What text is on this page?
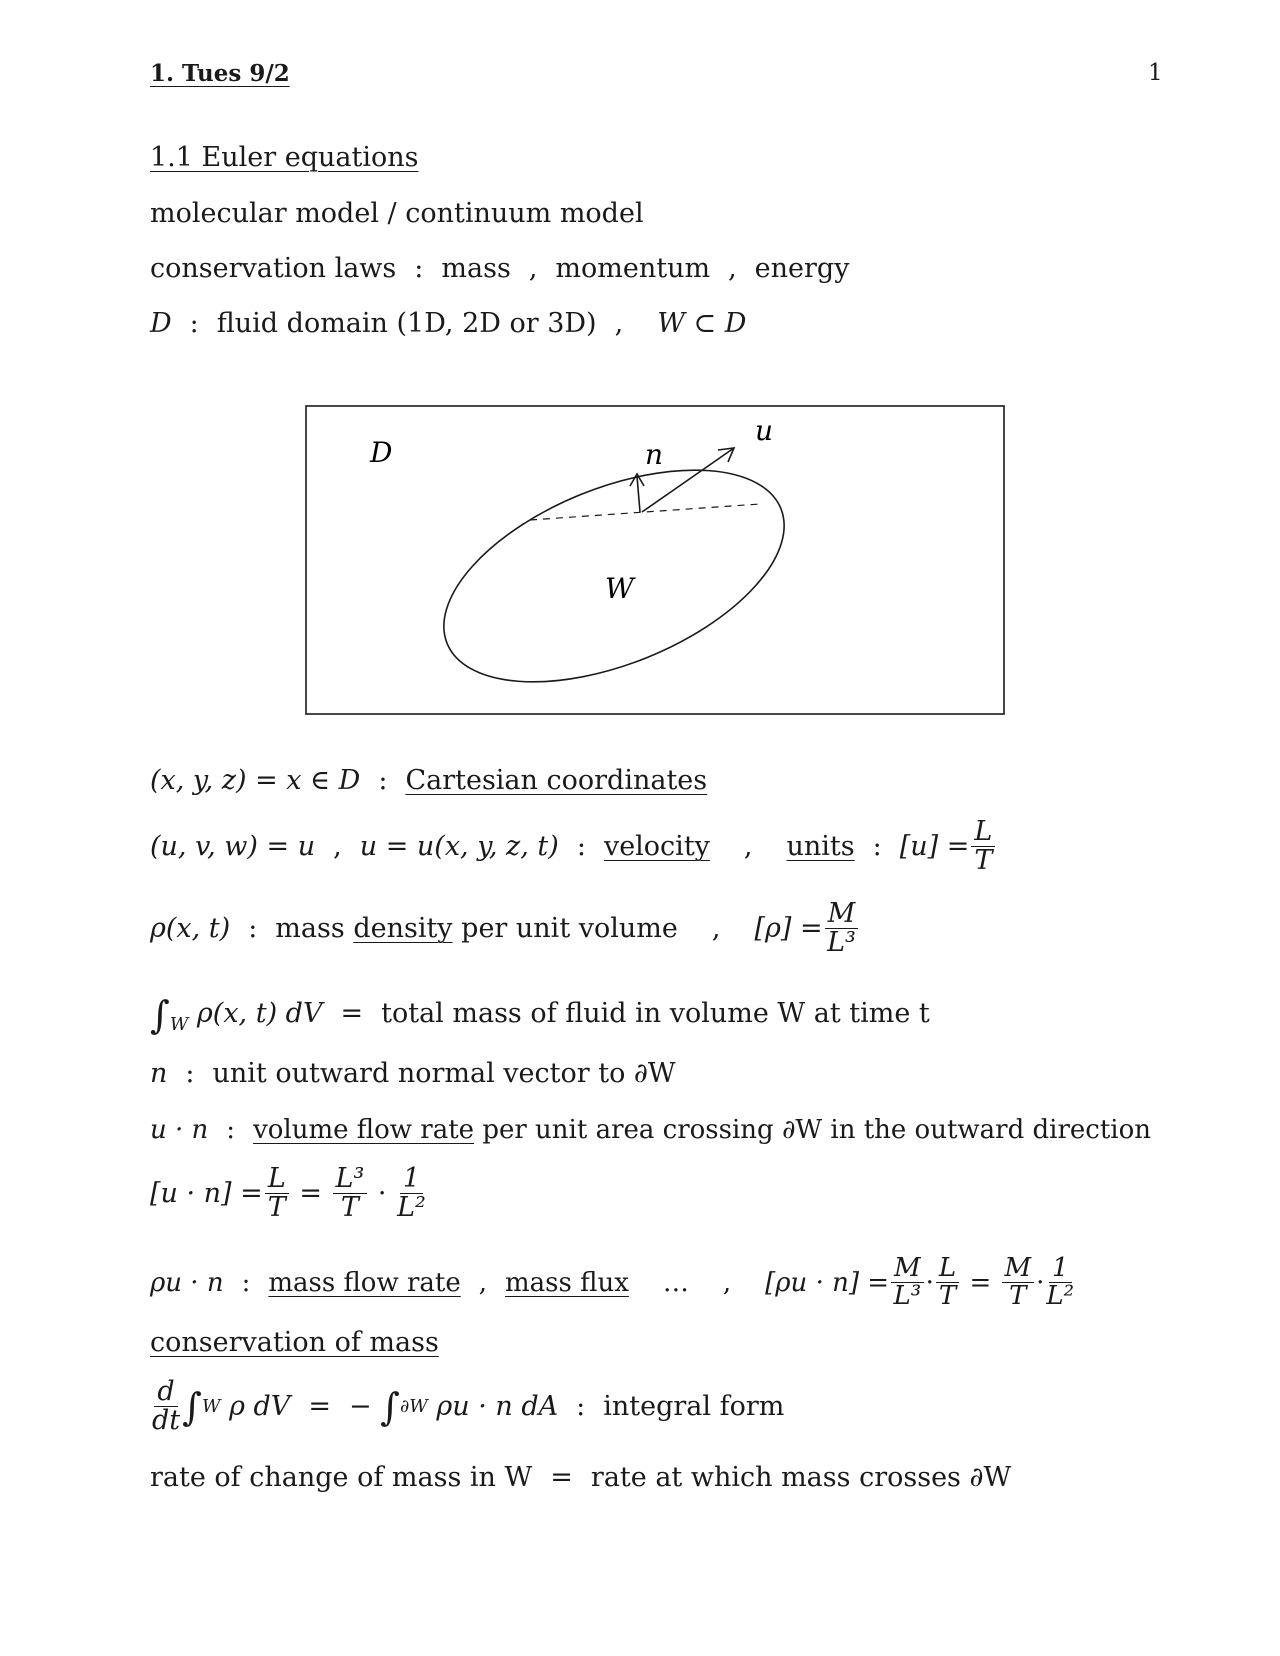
1. Tues 9/2	1
1.1 Euler equations
molecular model / continuum model
conservation laws : mass , momentum , energy
D : fluid domain (1D, 2D or 3D) , W ⊂ D
D
W
n
u
(x, y, z) = x ∈ D : Cartesian coordinates
(u, v, w) = u , u = u(x, y, z, t) : velocity , units : $[u] = \frac{L}{T}$
ρ(x, t) : mass
density
per unit volume , $[\rho] = \frac{M}{\text{L³}}$
$\int_W$ ρ(x, t) dV = total mass of fluid in volume W at time t
n : unit outward normal vector to ∂W
u · n : volume flow rate per unit area crossing ∂W in the outward direction
$[u \cdot n] = \frac{L}{T} = \frac{\text{L³}}{T} \cdot \frac{1}{\text{L²}}$
ρu · n : mass flow rate , mass flux … , $[\rho u \cdot n] = \frac{M}{\text{L³}} \cdot \frac{L}{T} = \frac{M}{T} \cdot \frac{1}{\text{L²}}$
conservation of mass
$\frac{d}{dt}$ ∫ W
ρ dV = − ∫ ∂W
ρu · n dA : integral form
rate of change of mass in W = rate at which mass crosses ∂W
